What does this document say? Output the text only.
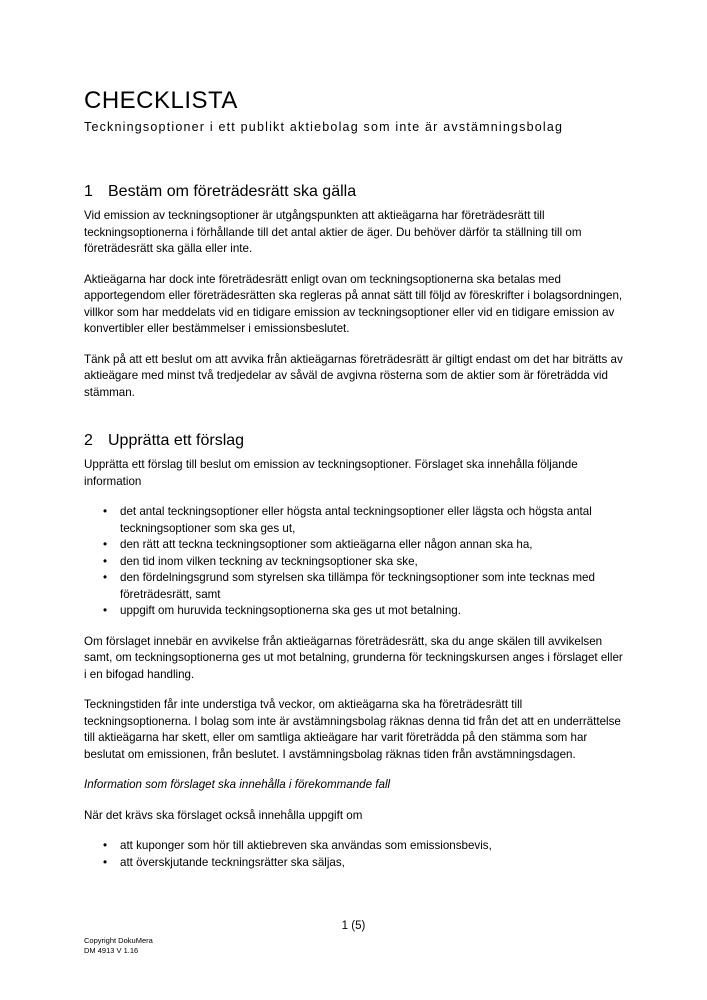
CHECKLISTA
Teckningsoptioner i ett publikt aktiebolag som inte är avstämningsbolag
1 Bestäm om företrädesrätt ska gälla

Vid emission av teckningsoptioner är utgångspunkten att aktieägarna har företrädesrätt till teckningsoptionerna i förhållande till det antal aktier de äger. Du behöver därför ta ställning till om företrädesrätt ska gälla eller inte.

Aktieägarna har dock inte företrädesrätt enligt ovan om teckningsoptionerna ska betalas med apportegendom eller företrädesrätten ska regleras på annat sätt till följd av föreskrifter i bolagsordningen, villkor som har meddelats vid en tidigare emission av teckningsoptioner eller vid en tidigare emission av konvertibler eller bestämmelser i emissionsbeslutet.

Tänk på att ett beslut om att avvika från aktieägarnas företrädesrätt är giltigt endast om det har biträtts av aktieägare med minst två tredjedelar av såväl de avgivna rösterna som de aktier som är företrädda vid stämman.

2 Upprätta ett förslag

Upprätta ett förslag till beslut om emission av teckningsoptioner. Förslaget ska innehålla följande information

• det antal teckningsoptioner eller högsta antal teckningsoptioner eller lägsta och högsta antal teckningsoptioner som ska ges ut,
• den rätt att teckna teckningsoptioner som aktieägarna eller någon annan ska ha,
• den tid inom vilken teckning av teckningsoptioner ska ske,
• den fördelningsgrund som styrelsen ska tillämpa för teckningsoptioner som inte tecknas med företrädesrätt, samt
• uppgift om huruvida teckningsoptionerna ska ges ut mot betalning.

Om förslaget innebär en avvikelse från aktieägarnas företrädesrätt, ska du ange skälen till avvikelsen samt, om teckningsoptionerna ges ut mot betalning, grunderna för teckningskursen anges i förslaget eller i en bifogad handling.

Teckningstiden får inte understiga två veckor, om aktieägarna ska ha företrädesrätt till teckningsoptionerna. I bolag som inte är avstämningsbolag räknas denna tid från det att en underrättelse till aktieägarna har skett, eller om samtliga aktieägare har varit företrädda på den stämma som har beslutat om emissionen, från beslutet. I avstämningsbolag räknas tiden från avstämningsdagen.

Information som förslaget ska innehålla i förekommande fall

När det krävs ska förslaget också innehålla uppgift om

• att kuponger som hör till aktiebreven ska användas som emissionsbevis,
• att överskjutande teckningsrätter ska säljas,
1 (5)
Copyright DokuMera
DM 4913 V 1.16
